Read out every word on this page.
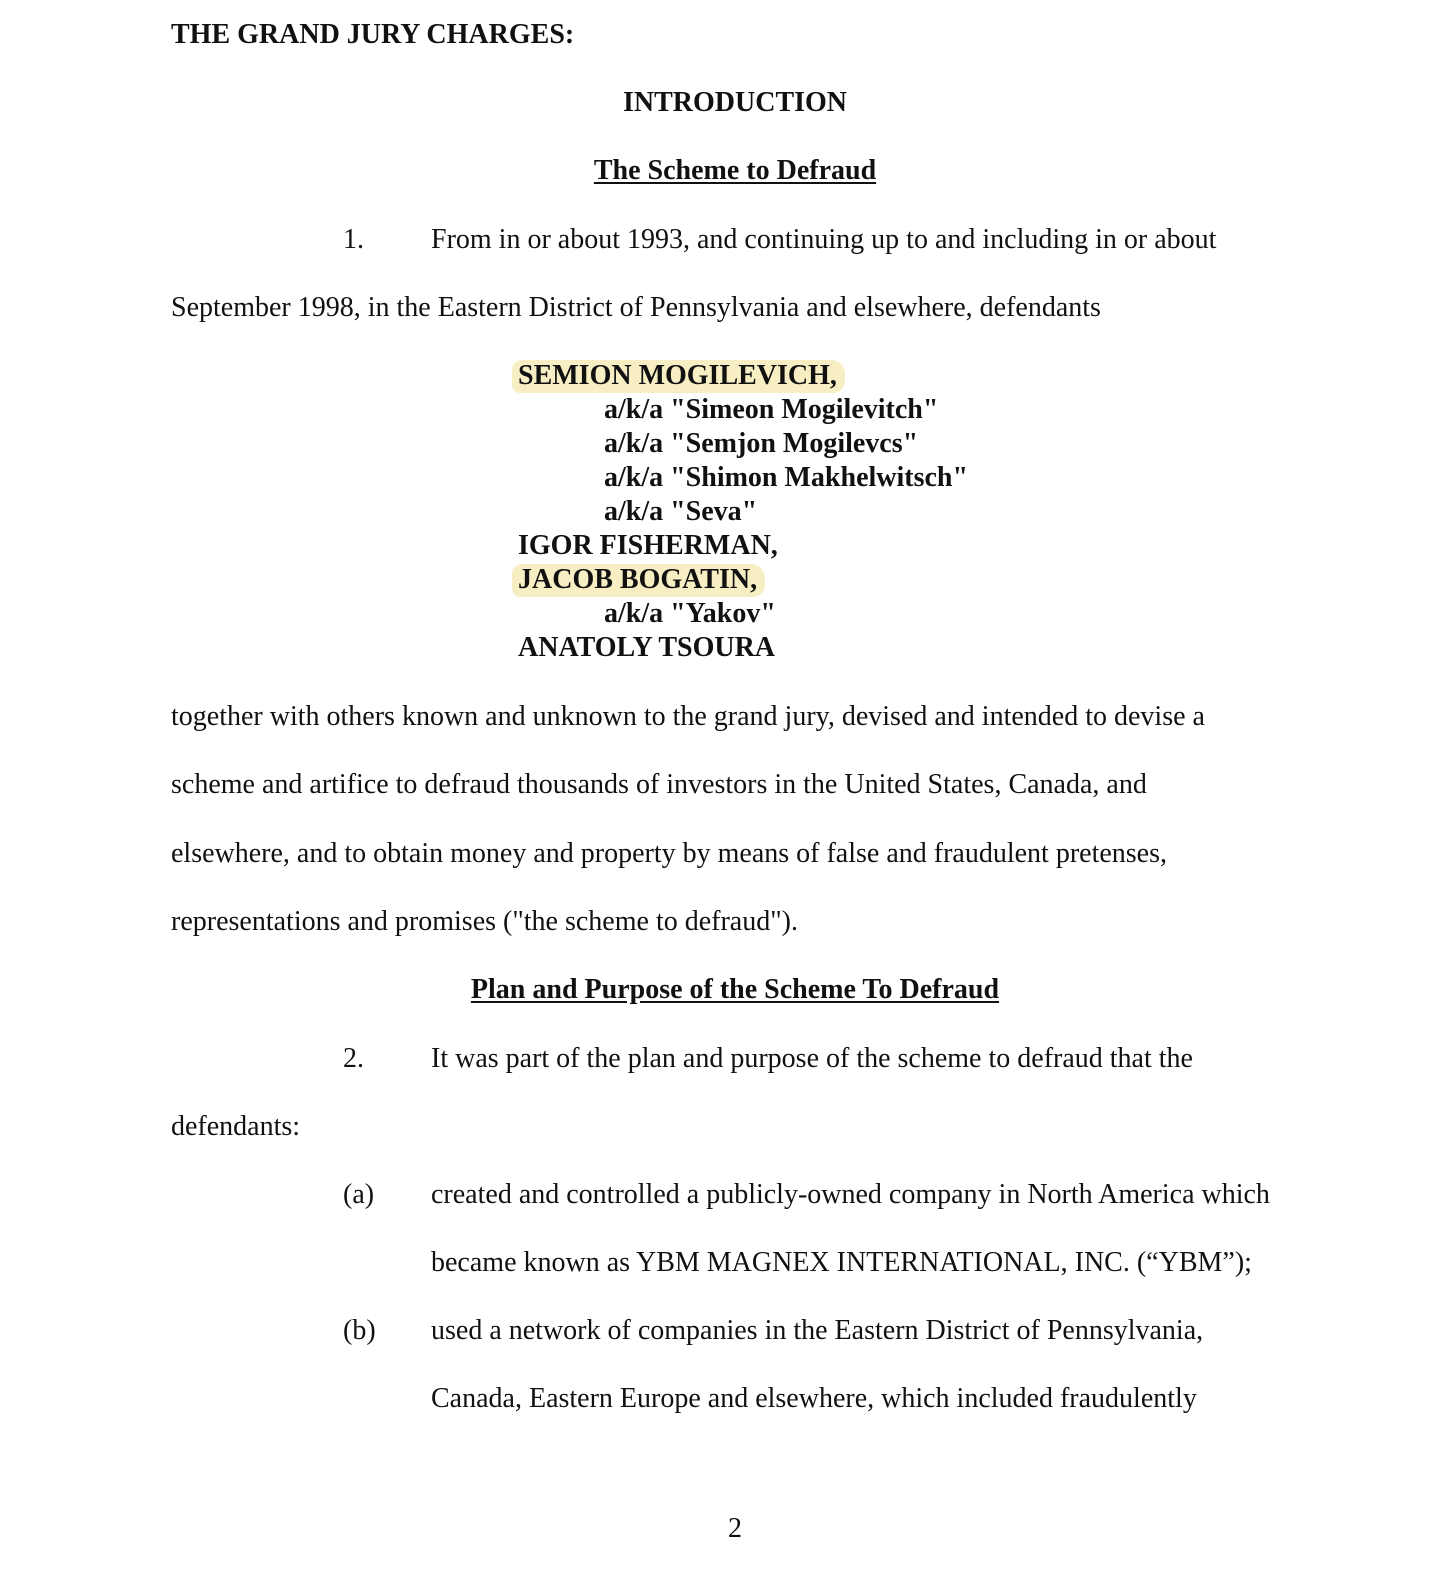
THE GRAND JURY CHARGES:
INTRODUCTION
The Scheme to Defraud
1. From in or about 1993, and continuing up to and including in or about
September 1998, in the Eastern District of Pennsylvania and elsewhere, defendants
SEMION MOGILEVICH,
a/k/a "Simeon Mogilevitch"
a/k/a "Semjon Mogilevcs"
a/k/a "Shimon Makhelwitsch"
a/k/a "Seva"
IGOR FISHERMAN,
JACOB BOGATIN,
a/k/a "Yakov"
ANATOLY TSOURA
together with others known and unknown to the grand jury, devised and intended to devise a
scheme and artifice to defraud thousands of investors in the United States, Canada, and
elsewhere, and to obtain money and property by means of false and fraudulent pretenses,
representations and promises ("the scheme to defraud").
Plan and Purpose of the Scheme To Defraud
2. It was part of the plan and purpose of the scheme to defraud that the
defendants:
(a) created and controlled a publicly-owned company in North America which
became known as YBM MAGNEX INTERNATIONAL, INC. (“YBM”);
(b) used a network of companies in the Eastern District of Pennsylvania,
Canada, Eastern Europe and elsewhere, which included fraudulently
2
